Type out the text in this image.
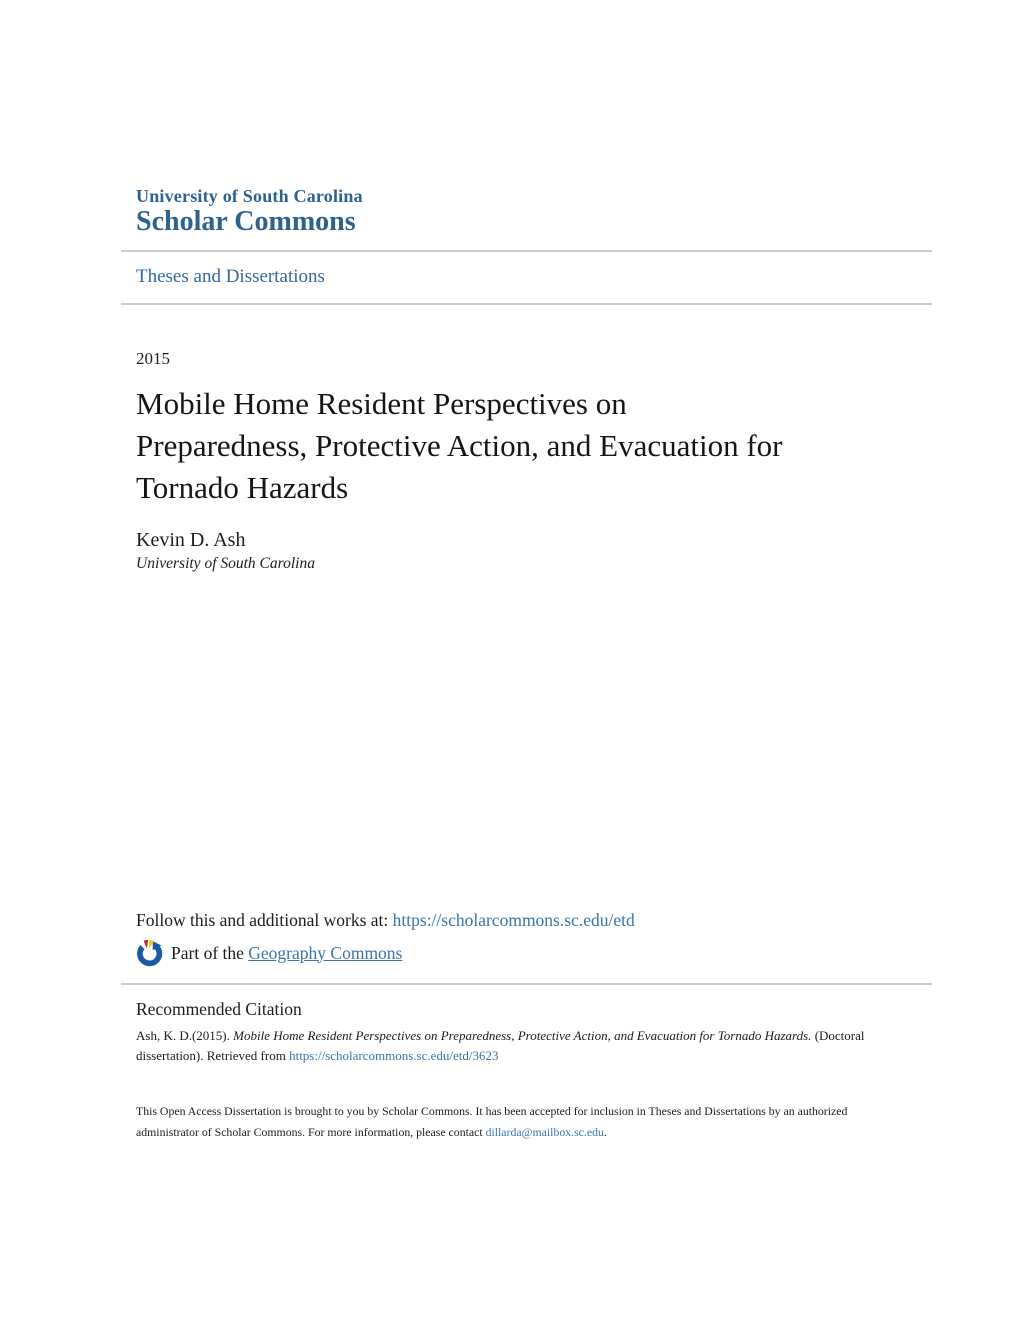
University of South Carolina
Scholar Commons
Theses and Dissertations
2015
Mobile Home Resident Perspectives on
Preparedness, Protective Action, and Evacuation for
Tornado Hazards
Kevin D. Ash
University of South Carolina
Follow this and additional works at: https://scholarcommons.sc.edu/etd
Part of the Geography Commons
Recommended Citation
Ash, K. D.(2015). Mobile Home Resident Perspectives on Preparedness, Protective Action, and Evacuation for Tornado Hazards. (Doctoral dissertation). Retrieved from https://scholarcommons.sc.edu/etd/3623
This Open Access Dissertation is brought to you by Scholar Commons. It has been accepted for inclusion in Theses and Dissertations by an authorized administrator of Scholar Commons. For more information, please contact dillarda@mailbox.sc.edu.
